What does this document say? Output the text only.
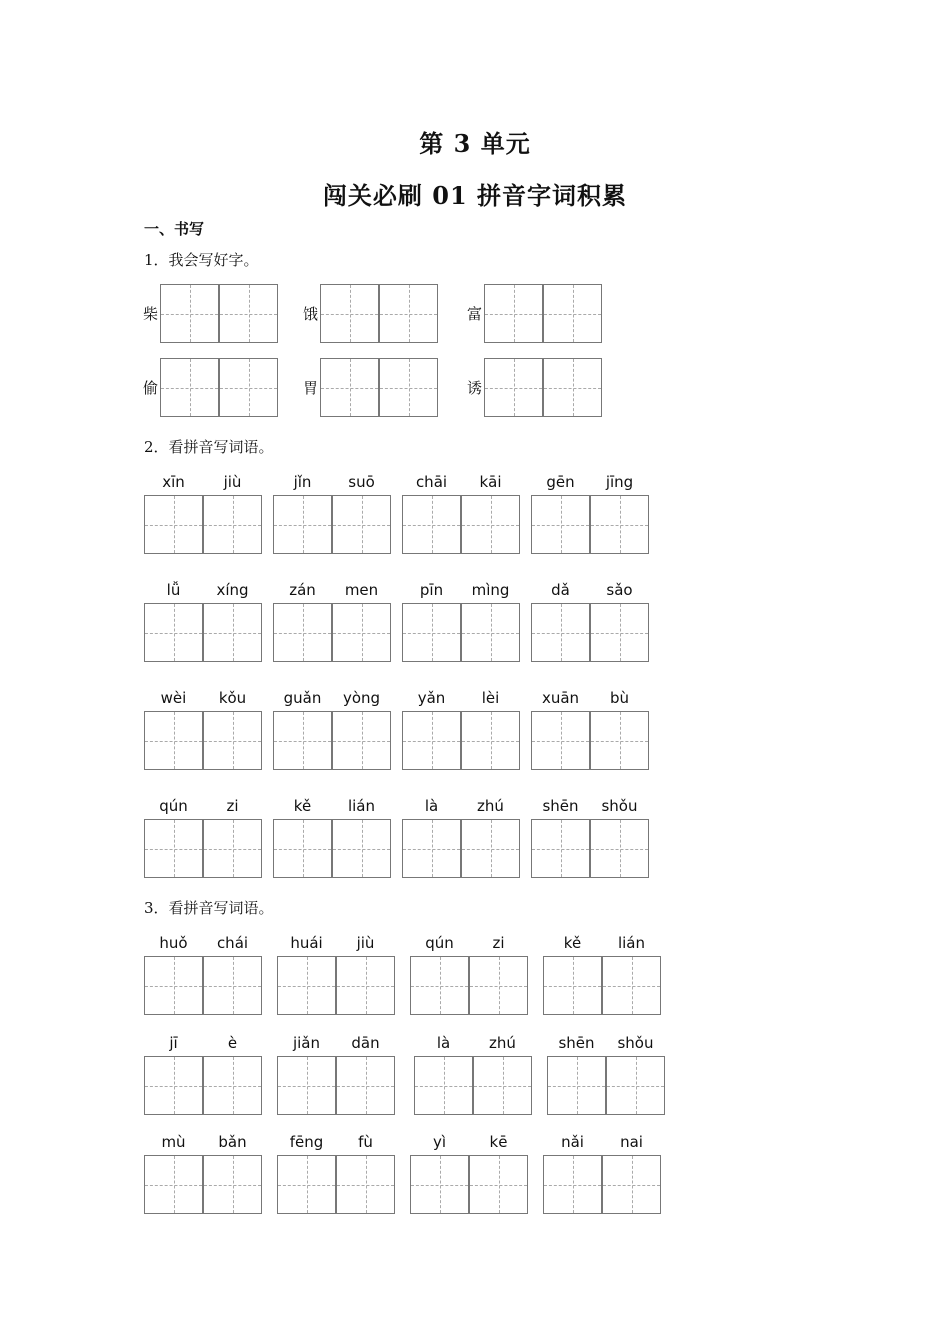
第 3 单元
闯关必刷 01 拼音字词积累
一、书写
1．我会写好字。
柴	饿	富
偷	胃	诱
2．看拼音写词语。
xīn	jiù	jǐn	suō	chāi	kāi	gēn	jīng
lǚ	xíng	zán	men	pīn	mìng	dǎ	sǎo
wèi	kǒu	guǎn	yòng	yǎn	lèi	xuān	bù
qún	zi	kě	lián	là	zhú	shēn	shǒu
3．看拼音写词语。
huǒ	chái	huái	jiù	qún	zi	kě	lián
jī	è	jiǎn	dān	là	zhú	shēn	shǒu
mù	bǎn	fēng	fù	yì	kē	nǎi	nai
